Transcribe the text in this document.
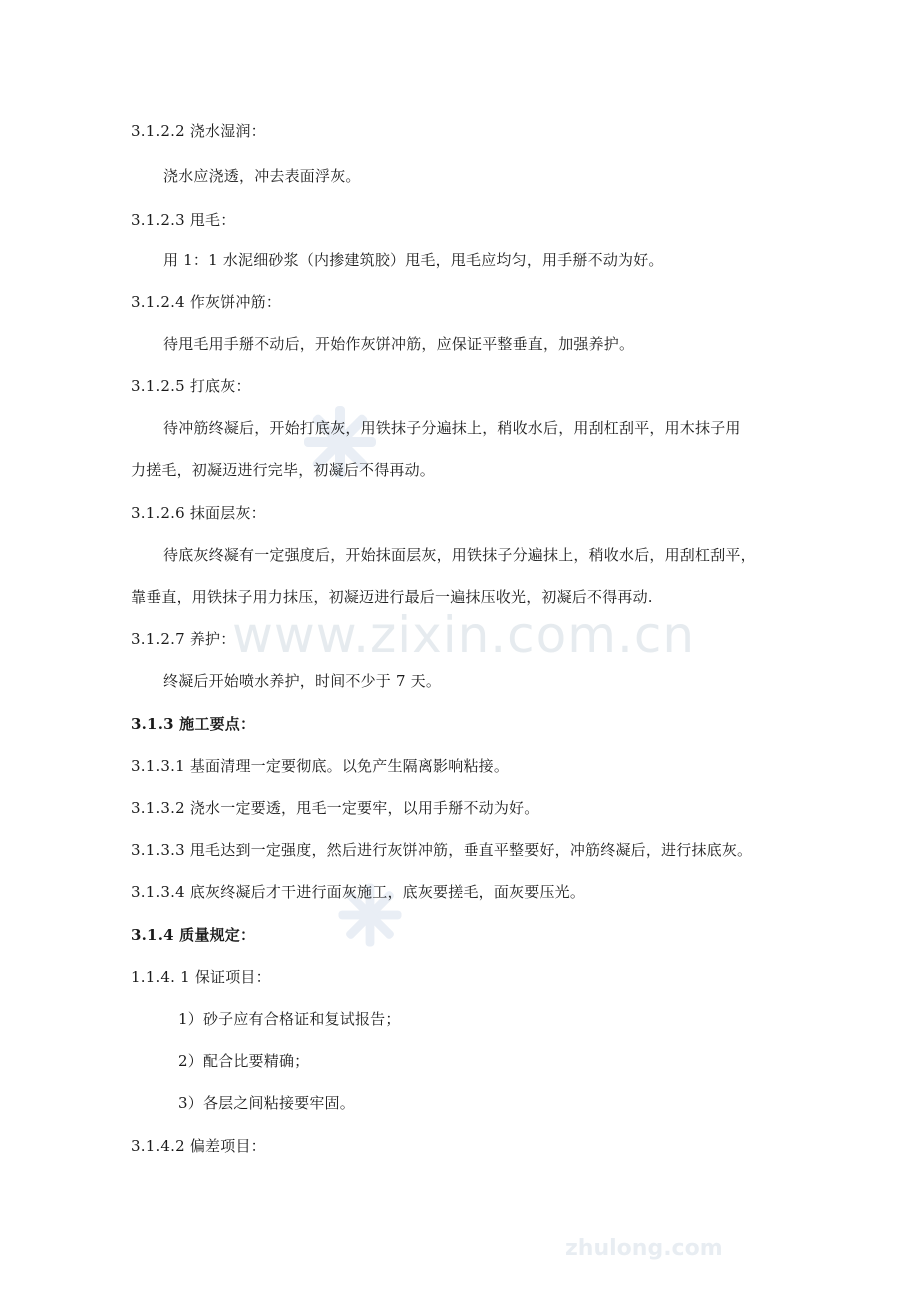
www.zixin.com.cn
zhulong.com
3.1.2.2 浇水湿润：
浇水应浇透，冲去表面浮灰。
3.1.2.3 甩毛：
用 1：1 水泥细砂浆（内掺建筑胶）甩毛，甩毛应均匀，用手掰不动为好。
3.1.2.4 作灰饼冲筋：
待甩毛用手掰不动后，开始作灰饼冲筋，应保证平整垂直，加强养护。
3.1.2.5 打底灰：
待冲筋终凝后，开始打底灰，用铁抹子分遍抹上，稍收水后，用刮杠刮平，用木抹子用
力搓毛，初凝迈进行完毕，初凝后不得再动。
3.1.2.6 抹面层灰：
待底灰终凝有一定强度后，开始抹面层灰，用铁抹子分遍抹上，稍收水后，用刮杠刮平，
靠垂直，用铁抹子用力抹压，初凝迈进行最后一遍抹压收光，初凝后不得再动.
3.1.2.7 养护：
终凝后开始喷水养护，时间不少于 7 天。
3.1.3 施工要点：
3.1.3.1 基面清理一定要彻底。以免产生隔离影响粘接。
3.1.3.2 浇水一定要透，甩毛一定要牢，以用手掰不动为好。
3.1.3.3 甩毛达到一定强度，然后进行灰饼冲筋，垂直平整要好，冲筋终凝后，进行抹底灰。
3.1.3.4 底灰终凝后才干进行面灰施工，底灰要搓毛，面灰要压光。
3.1.4 质量规定：
1.1.4. 1 保证项目：
1）砂子应有合格证和复试报告；
2）配合比要精确；
3）各层之间粘接要牢固。
3.1.4.2 偏差项目：
